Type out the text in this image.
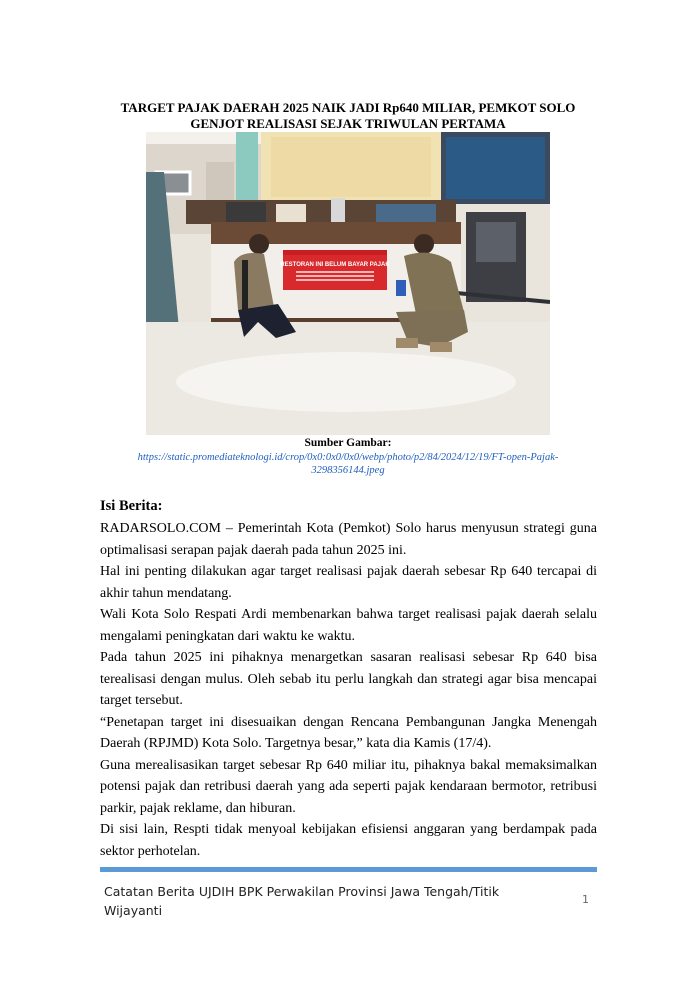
TARGET PAJAK DAERAH 2025 NAIK JADI Rp640 MILIAR, PEMKOT SOLO
GENJOT REALISASI SEJAK TRIWULAN PERTAMA
RESTORAN INI BELUM BAYAR PAJAK
Sumber Gambar:
https://static.promediateknologi.id/crop/0x0:0x0/0x0/webp/photo/p2/84/2024/12/19/FT-open-Pajak-
3298356144.jpeg
Isi Berita:

RADARSOLO.COM – Pemerintah Kota (Pemkot) Solo harus menyusun strategi guna optimalisasi serapan pajak daerah pada tahun 2025 ini.

Hal ini penting dilakukan agar target realisasi pajak daerah sebesar Rp 640 tercapai di akhir tahun mendatang.

Wali Kota Solo Respati Ardi membenarkan bahwa target realisasi pajak daerah selalu mengalami peningkatan dari waktu ke waktu.

Pada tahun 2025 ini pihaknya menargetkan sasaran realisasi sebesar Rp 640 bisa terealisasi dengan mulus. Oleh sebab itu perlu langkah dan strategi agar bisa mencapai target tersebut.

“Penetapan target ini disesuaikan dengan Rencana Pembangunan Jangka Menengah Daerah (RPJMD) Kota Solo. Targetnya besar,” kata dia Kamis (17/4).

Guna merealisasikan target sebesar Rp 640 miliar itu, pihaknya bakal memaksimalkan potensi pajak dan retribusi daerah yang ada seperti pajak kendaraan bermotor, retribusi parkir, pajak reklame, dan hiburan.

Di sisi lain, Respti tidak menyoal kebijakan efisiensi anggaran yang berdampak pada sektor perhotelan.

Catatan Berita UJDIH BPK Perwakilan Provinsi Jawa Tengah/Titik
Wijayanti
1
